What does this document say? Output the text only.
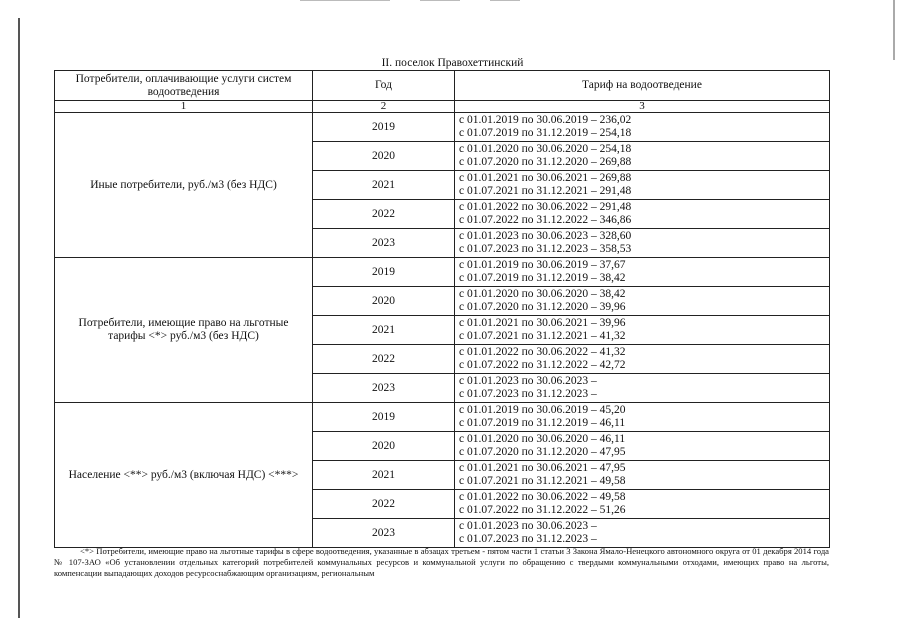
II. поселок Правохеттинский
Потребители, оплачивающие услуги систем водоотведения	Год	Тариф на водоотведение
1	2	3
Иные потребители, руб./м3 (без НДС)	2019	с 01.01.2019 по 30.06.2019 – 236,02
с 01.07.2019 по 31.12.2019 – 254,18

	2020	с 01.01.2020 по 30.06.2020 – 254,18
с 01.07.2020 по 31.12.2020 – 269,88

	2021	с 01.01.2021 по 30.06.2021 – 269,88
с 01.07.2021 по 31.12.2021 – 291,48

	2022	с 01.01.2022 по 30.06.2022 – 291,48
с 01.07.2022 по 31.12.2022 – 346,86

	2023	с 01.01.2023 по 30.06.2023 – 328,60
с 01.07.2023 по 31.12.2023 – 358,53

Потребители, имеющие право на льготные тарифы <*> руб./м3 (без НДС)	2019	с 01.01.2019 по 30.06.2019 – 37,67
с 01.07.2019 по 31.12.2019 – 38,42

	2020	с 01.01.2020 по 30.06.2020 – 38,42
с 01.07.2020 по 31.12.2020 – 39,96

	2021	с 01.01.2021 по 30.06.2021 – 39,96
с 01.07.2021 по 31.12.2021 – 41,32

	2022	с 01.01.2022 по 30.06.2022 – 41,32
с 01.07.2022 по 31.12.2022 – 42,72

	2023	с 01.01.2023 по 30.06.2023 –
с 01.07.2023 по 31.12.2023 –

Население <**> руб./м3 (включая НДС) <***>	2019	с 01.01.2019 по 30.06.2019 – 45,20
с 01.07.2019 по 31.12.2019 – 46,11

	2020	с 01.01.2020 по 30.06.2020 – 46,11
с 01.07.2020 по 31.12.2020 – 47,95

	2021	с 01.01.2021 по 30.06.2021 – 47,95
с 01.07.2021 по 31.12.2021 – 49,58

	2022	с 01.01.2022 по 30.06.2022 – 49,58
с 01.07.2022 по 31.12.2022 – 51,26

	2023	с 01.01.2023 по 30.06.2023 –
с 01.07.2023 по 31.12.2023 –
<*> Потребители, имеющие право на льготные тарифы в сфере водоотведения, указанные в абзацах третьем - пятом части 1 статьи 3 Закона Ямало-Ненецкого автономного округа от 01 декабря 2014 года № 107-ЗАО «Об установлении отдельных категорий потребителей коммунальных ресурсов и коммунальной услуги по обращению с твердыми коммунальными отходами, имеющих право на льготы, компенсации выпадающих доходов ресурсоснабжающим организациям, региональным
